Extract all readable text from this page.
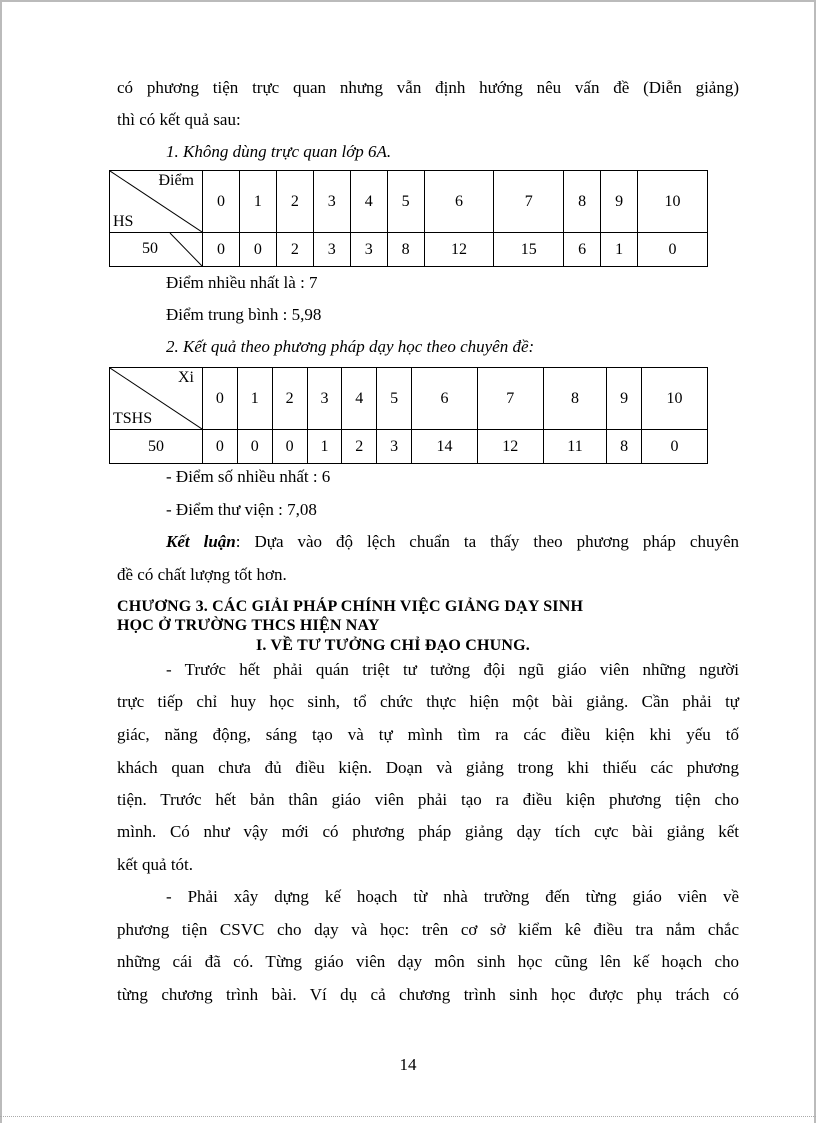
có phương tiện trực quan nhưng vẫn định hướng nêu vấn đề (Diễn giảng)
thì có kết quả sau:
1. Không dùng trực quan lớp 6A.
Điểm
HS	0	1	2	3	4	5	6	7	8	9	10

50	0	0	2	3	3	8	12	15	6	1	0
Điểm nhiều nhất là : 7
Điểm trung bình : 5,98
2. Kết quả theo phương pháp dạy học theo chuyên đề:
Xi
TSHS	0	1	2	3	4	5	6	7	8	9	10
50	0	0	0	1	2	3	14	12	11	8	0
- Điểm số nhiều nhất : 6
- Điểm thư viện : 7,08
Kết luận: Dựa vào độ lệch chuẩn ta thấy theo phương pháp chuyên
đề có chất lượng tốt hơn.
CHƯƠNG 3. CÁC GIẢI PHÁP CHÍNH VIỆC GIẢNG DẠY SINH
HỌC Ở TRƯỜNG THCS HIỆN NAY
I. VỀ TƯ TƯỞNG CHỈ ĐẠO CHUNG.
- Trước hết phải quán triệt tư tưởng đội ngũ giáo viên những người
trực tiếp chỉ huy học sinh, tổ chức thực hiện một bài giảng. Cần phải tự
giác, năng động, sáng tạo và tự mình tìm ra các điều kiện khi yếu tố
khách quan chưa đủ điều kiện. Doạn và giảng trong khi thiếu các phương
tiện. Trước hết bản thân giáo viên phải tạo ra điều kiện phương tiện cho
mình. Có như vậy mới có phương pháp giảng dạy tích cực bài giảng kết
kết quả tót.
- Phải xây dựng kế hoạch từ nhà trường đến từng giáo viên về
phương tiện CSVC cho dạy và học: trên cơ sở kiểm kê điều tra nắm chắc
những cái đã có. Từng giáo viên dạy môn sinh học cũng lên kế hoạch cho
từng chương trình bài. Ví dụ cả chương trình sinh học được phụ trách có
14
